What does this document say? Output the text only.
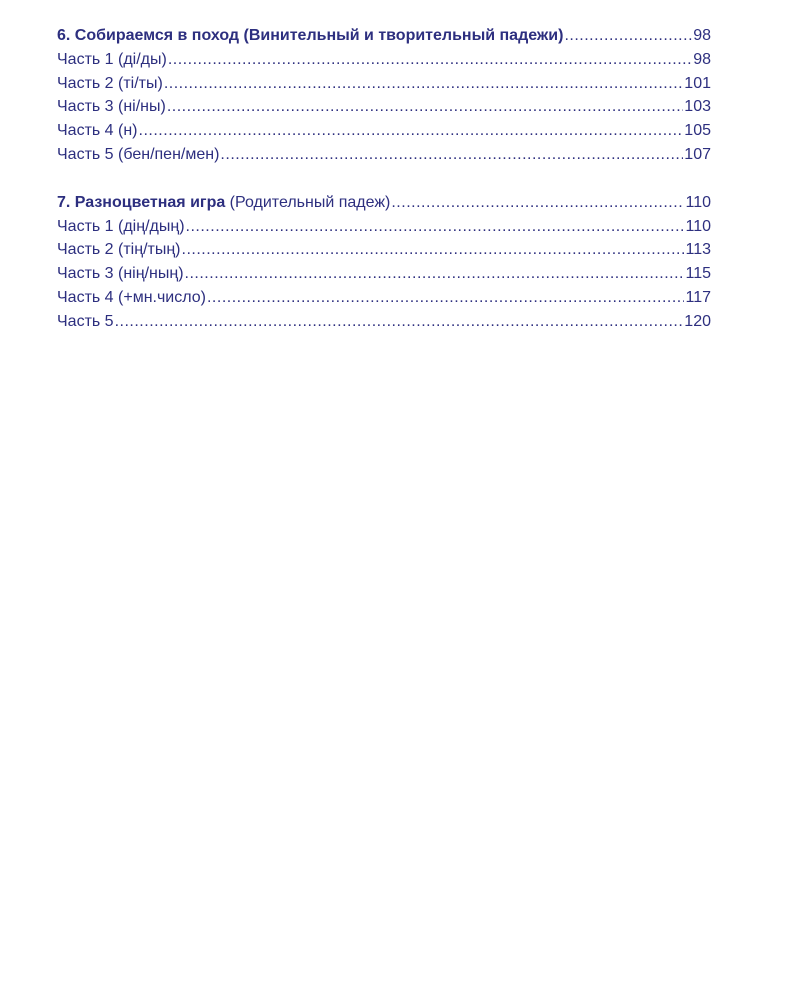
6. Собираемся в поход (Винительный и творительный падежи) .....	98
Часть 1 (ді/ды) .....	98
Часть 2 (ті/ты) .....	101
Часть 3 (ні/ны) .....	103
Часть 4 (н) .....	105
Часть 5 (бен/пен/мен) .....	107
7. Разноцветная игра (Родительный падеж) .....	110
Часть 1 (дің/дың) .....	110
Часть 2 (тің/тың) .....	113
Часть 3 (нің/ның) .....	115
Часть 4 (+мн.число) .....	117
Часть 5 .....	120
